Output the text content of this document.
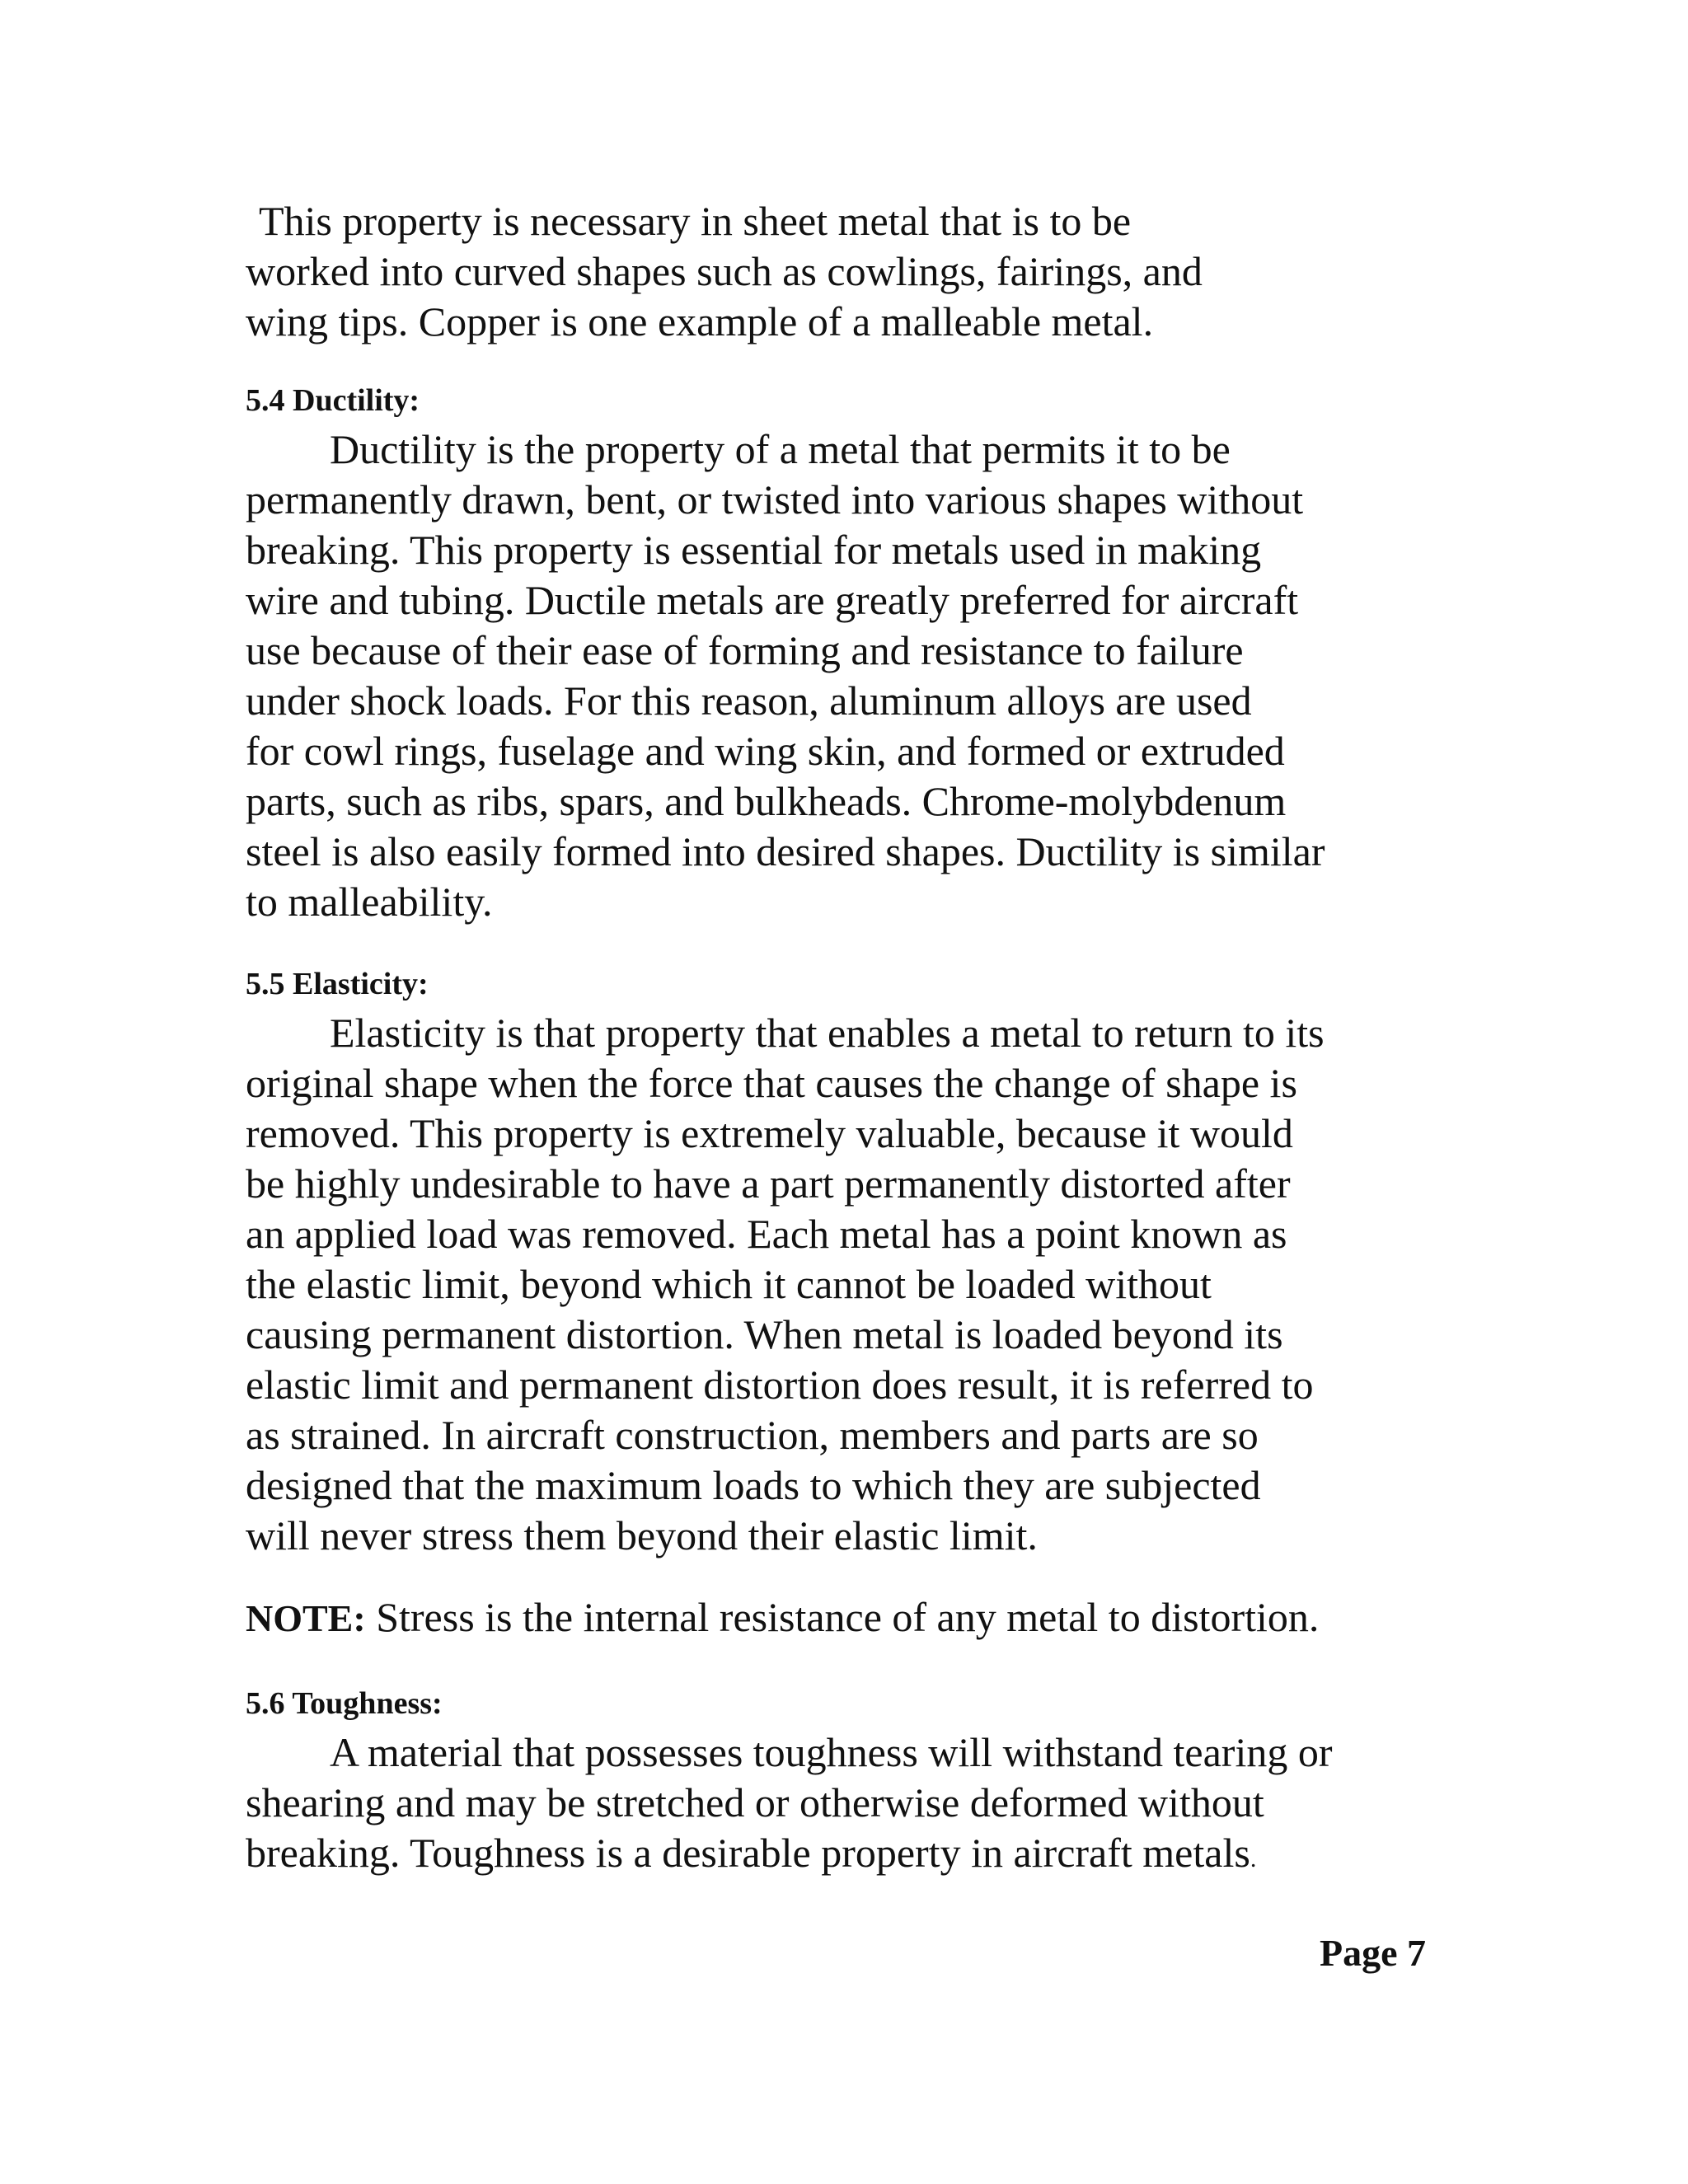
This property is necessary in sheet metal that is to be
worked into curved shapes such as cowlings, fairings, and
wing tips. Copper is one example of a malleable metal.

5.4 Ductility:

Ductility is the property of a metal that permits it to be
permanently drawn, bent, or twisted into various shapes without
breaking. This property is essential for metals used in making
wire and tubing. Ductile metals are greatly preferred for aircraft
use because of their ease of forming and resistance to failure
under shock loads. For this reason, aluminum alloys are used
for cowl rings, fuselage and wing skin, and formed or extruded
parts, such as ribs, spars, and bulkheads. Chrome-molybdenum
steel is also easily formed into desired shapes. Ductility is similar
to malleability.

5.5 Elasticity:

Elasticity is that property that enables a metal to return to its
original shape when the force that causes the change of shape is
removed. This property is extremely valuable, because it would
be highly undesirable to have a part permanently distorted after
an applied load was removed. Each metal has a point known as
the elastic limit, beyond which it cannot be loaded without
causing permanent distortion. When metal is loaded beyond its
elastic limit and permanent distortion does result, it is referred to
as strained. In aircraft construction, members and parts are so
designed that the maximum loads to which they are subjected
will never stress them beyond their elastic limit.

NOTE: Stress is the internal resistance of any metal to distortion.

5.6 Toughness:

A material that possesses toughness will withstand tearing or
shearing and may be stretched or otherwise deformed without
breaking. Toughness is a desirable property in aircraft metals.

Page 7
